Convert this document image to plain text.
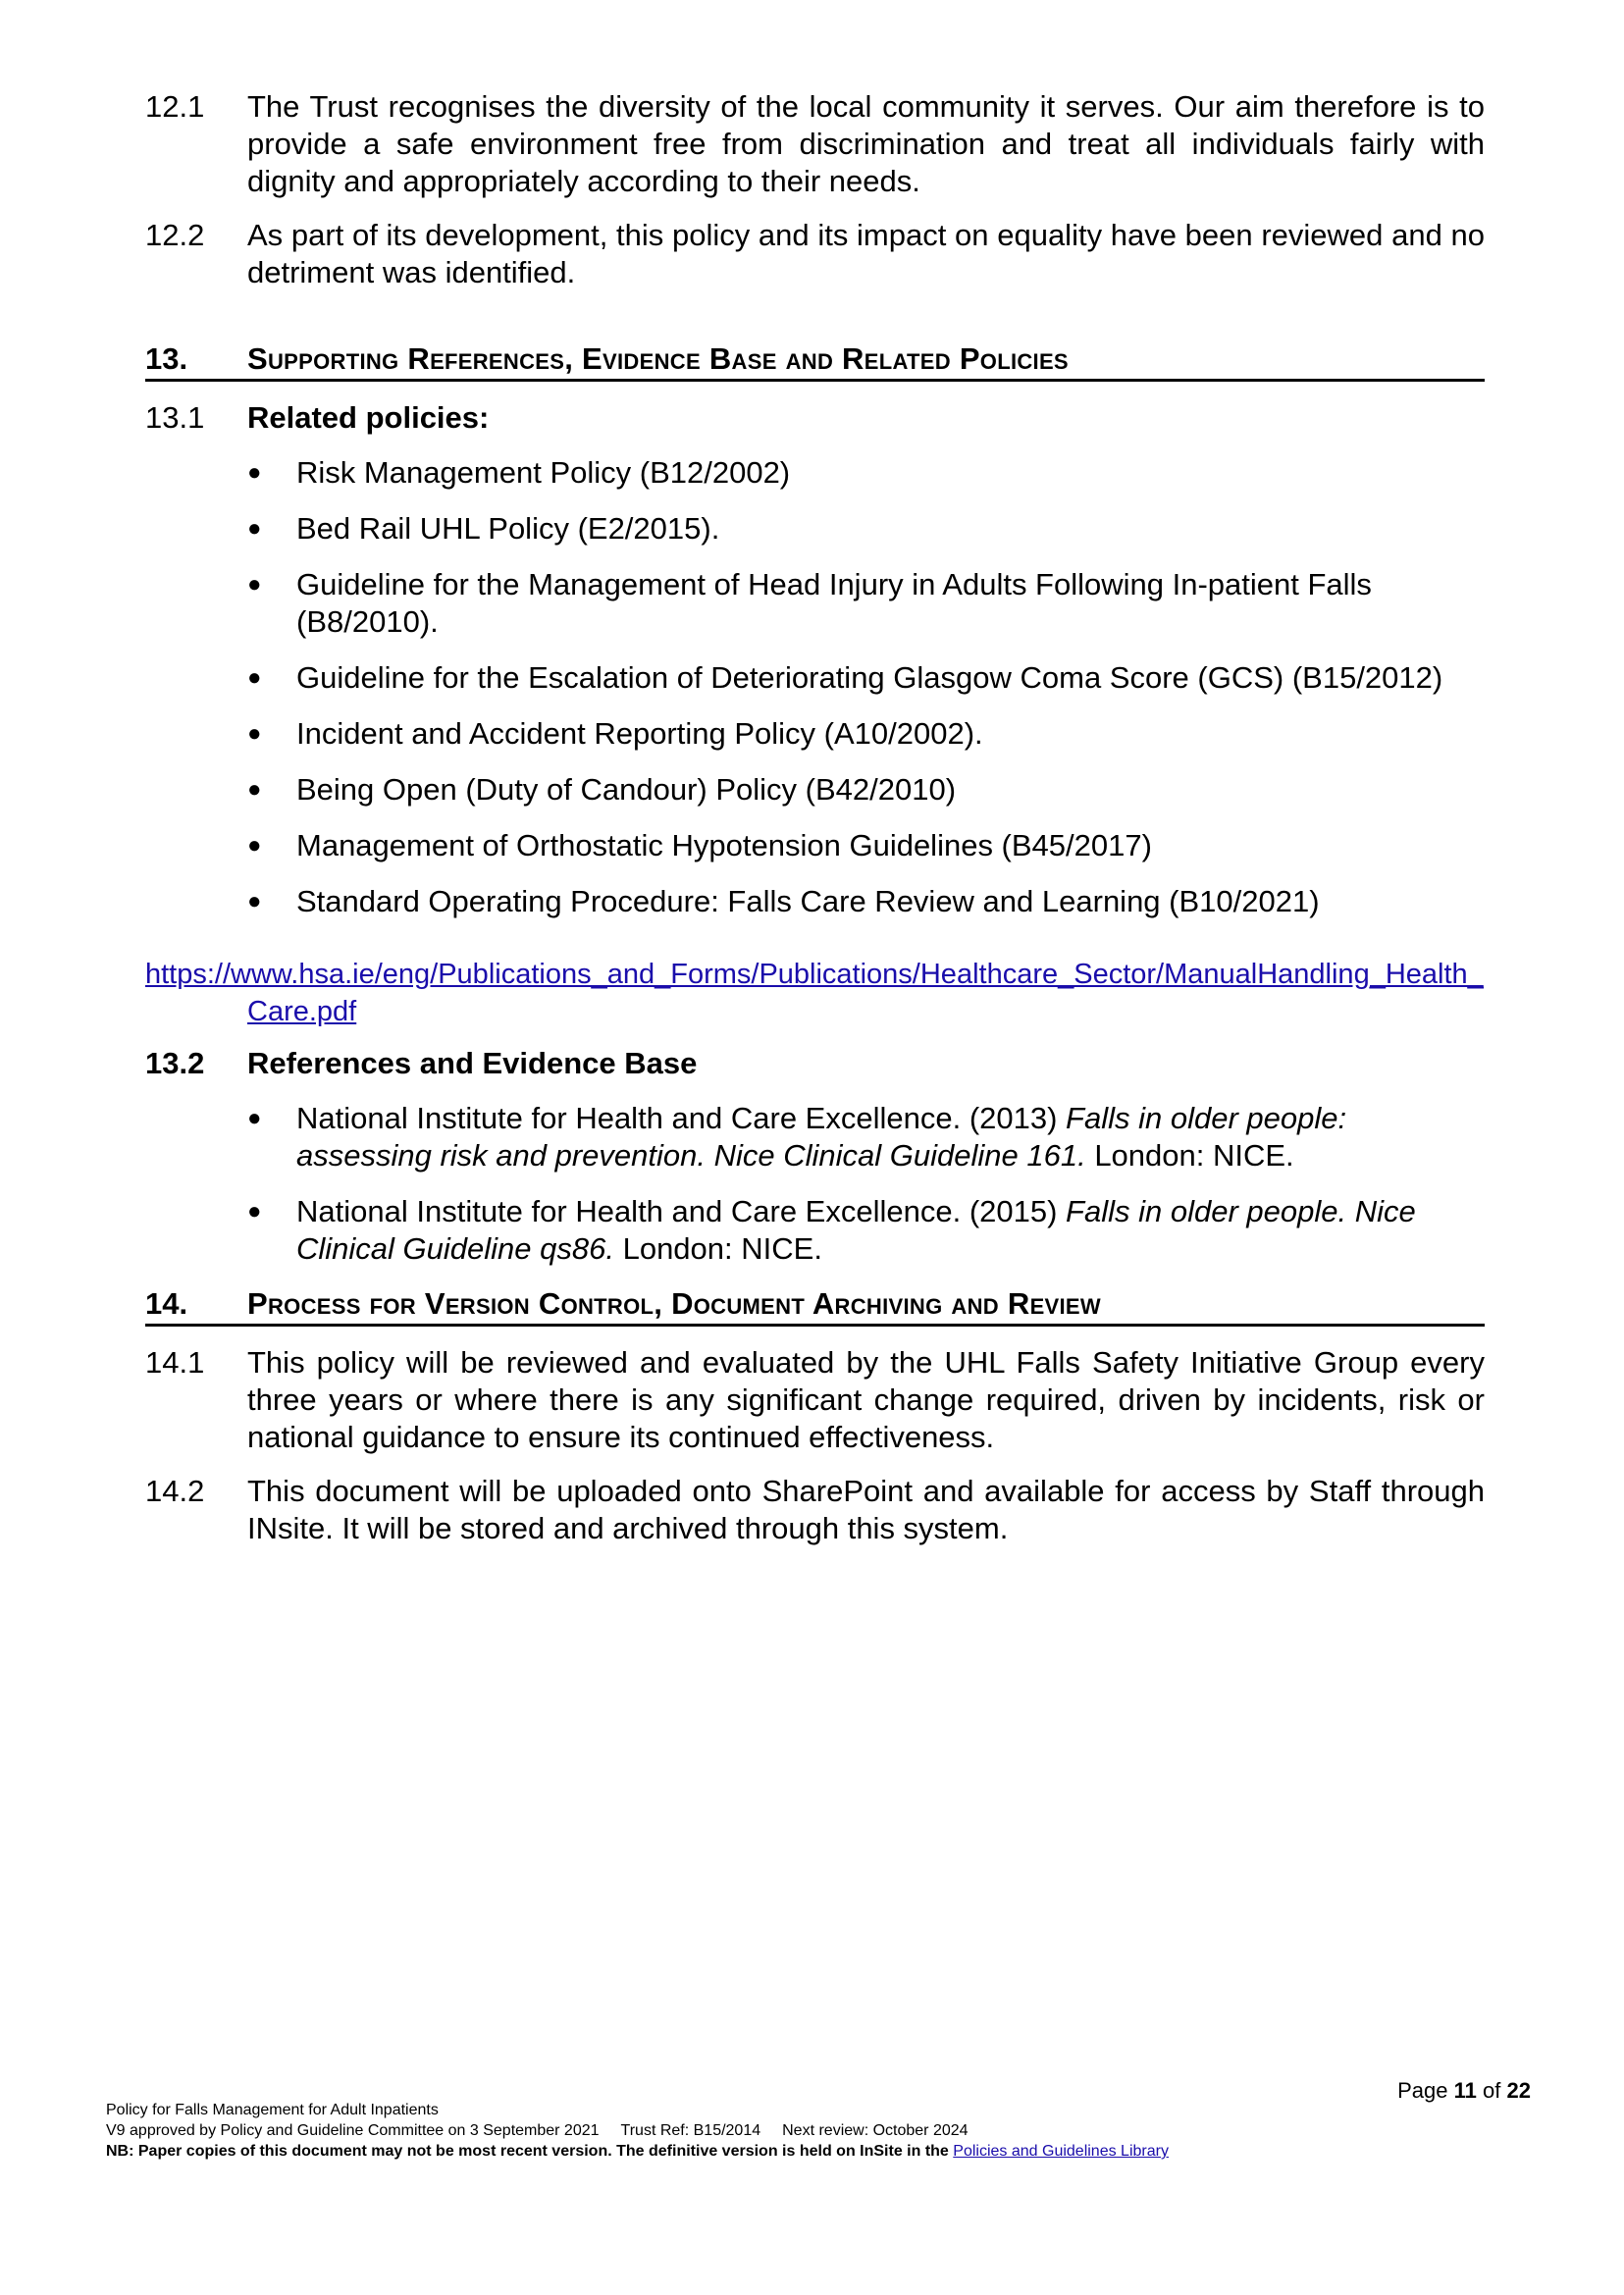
12.1	The Trust recognises the diversity of the local community it serves. Our aim therefore is to provide a safe environment free from discrimination and treat all individuals fairly with dignity and appropriately according to their needs.
12.2	As part of its development, this policy and its impact on equality have been reviewed and no detriment was identified.
13.	Supporting References, Evidence Base and Related Policies
13.1	Related policies:
●	Risk Management Policy (B12/2002)
●	Bed Rail UHL Policy (E2/2015).
●	Guideline for the Management of Head Injury in Adults Following In-patient Falls (B8/2010).
●	Guideline for the Escalation of Deteriorating Glasgow Coma Score (GCS) (B15/2012)
●	Incident and Accident Reporting Policy (A10/2002).
●	Being Open (Duty of Candour) Policy (B42/2010)
●	Management of Orthostatic Hypotension Guidelines (B45/2017)
●	Standard Operating Procedure: Falls Care Review and Learning (B10/2021)
https://www.hsa.ie/eng/Publications_and_Forms/Publications/Healthcare_Sector/ManualHandling_Health_Care.pdf
13.2	References and Evidence Base
●	National Institute for Health and Care Excellence. (2013) Falls in older people: assessing risk and prevention. Nice Clinical Guideline 161. London: NICE.
●	National Institute for Health and Care Excellence. (2015) Falls in older people. Nice Clinical Guideline qs86. London: NICE.
14.	Process for Version Control, Document Archiving and Review
14.1	This policy will be reviewed and evaluated by the UHL Falls Safety Initiative Group every three years or where there is any significant change required, driven by incidents, risk or national guidance to ensure its continued effectiveness.
14.2	This document will be uploaded onto SharePoint and available for access by Staff through INsite. It will be stored and archived through this system.
Page 11 of 22
Policy for Falls Management for Adult Inpatients
V9 approved by Policy and Guideline Committee on 3 September 2021 Trust Ref: B15/2014 Next review: October 2024
NB: Paper copies of this document may not be most recent version. The definitive version is held on InSite in the Policies and Guidelines Library
